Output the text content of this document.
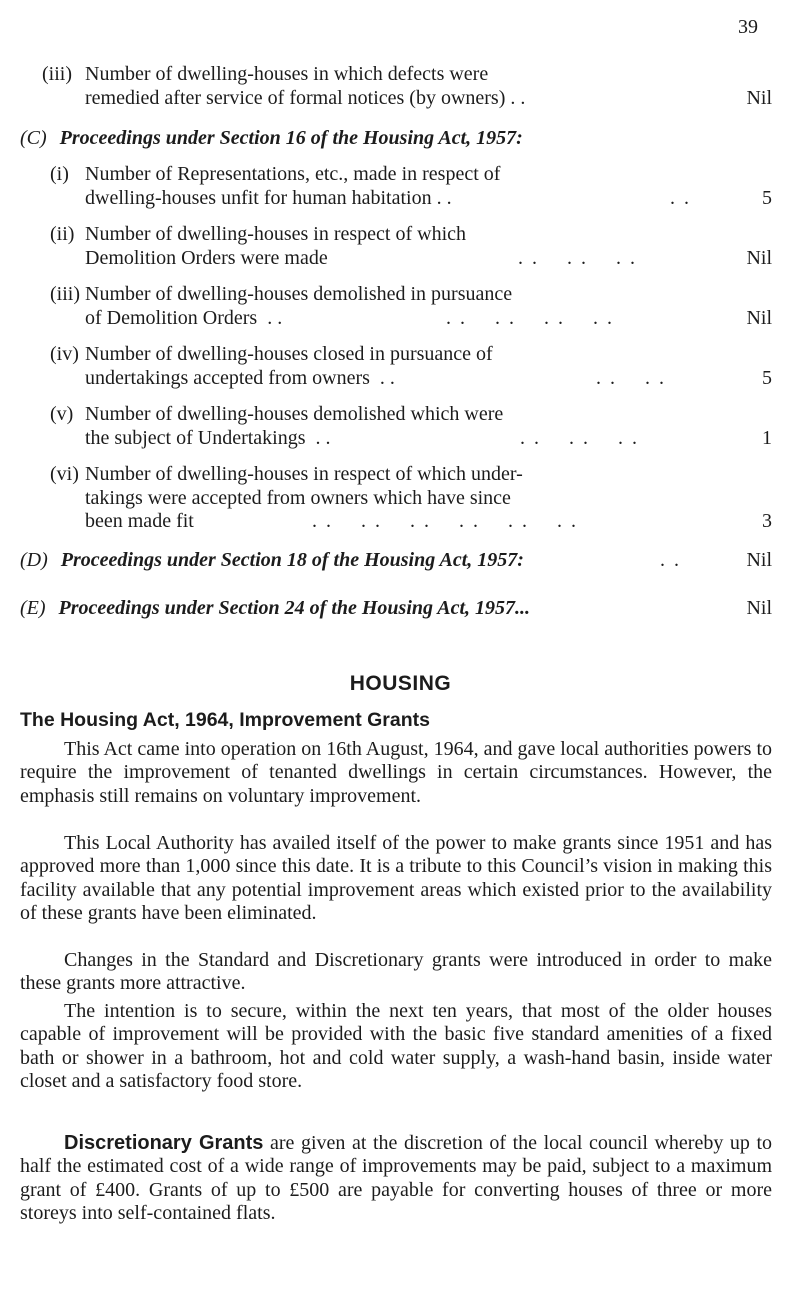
39
(iii) Number of dwelling-houses in which defects were
remedied after service of formal notices (by owners) . .	Nil
(C) Proceedings under Section 16 of the Housing Act, 1957:
(i) Number of Representations, etc., made in respect of
dwelling-houses unfit for human habitation . .	. .	5
(ii) Number of dwelling-houses in respect of which
Demolition Orders were made	. .    . .    . .	Nil
(iii) Number of dwelling-houses demolished in pursuance
of Demolition Orders  . .	. .    . .    . .    . .	Nil
(iv) Number of dwelling-houses closed in pursuance of
undertakings accepted from owners  . .	. .    . .	5
(v) Number of dwelling-houses demolished which were
the subject of Undertakings  . .	. .    . .    . .	1
(vi) Number of dwelling-houses in respect of which under-
takings were accepted from owners which have since
been made fit	. .    . .    . .    . .    . .    . .	3
(D) Proceedings under Section 18 of the Housing Act, 1957:	. .	Nil
(E) Proceedings under Section 24 of the Housing Act, 1957...	Nil
HOUSING
The Housing Act, 1964, Improvement Grants

This Act came into operation on 16th August, 1964, and gave local authorities powers to require the improvement of tenanted dwellings in certain circumstances. However, the emphasis still remains on voluntary improvement.

This Local Authority has availed itself of the power to make grants since 1951 and has approved more than 1,000 since this date. It is a tribute to this Council’s vision in making this facility available that any potential improvement areas which existed prior to the availability of these grants have been eliminated.

Changes in the Standard and Discretionary grants were introduced in order to make these grants more attractive.

The intention is to secure, within the next ten years, that most of the older houses capable of improvement will be provided with the basic five standard amenities of a fixed bath or shower in a bathroom, hot and cold water supply, a wash-hand basin, inside water closet and a satisfactory food store.

Discretionary Grants are given at the discretion of the local council whereby up to half the estimated cost of a wide range of improvements may be paid, subject to a maximum grant of £400. Grants of up to £500 are payable for converting houses of three or more storeys into self-contained flats.
